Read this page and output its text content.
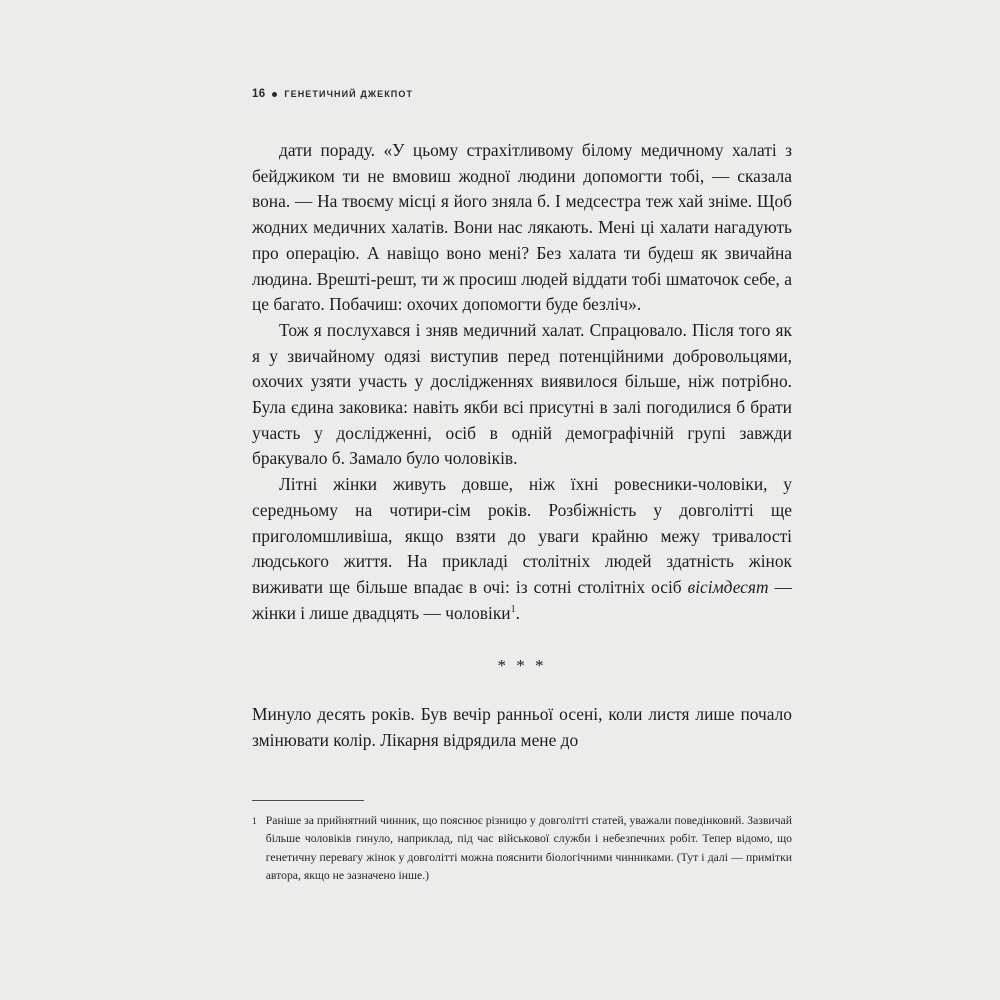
16 ГЕНЕТИЧНИЙ ДЖЕКПОТ

дати пораду. «У цьому страхітливому білому медичному халаті з бейджиком ти не вмовиш жодної людини допомогти тобі, — сказала вона. — На твоєму місці я його зняла б. І медсестра теж хай зніме. Щоб жодних медичних халатів. Вони нас лякають. Мені ці халати нагадують про операцію. А навіщо воно мені? Без халата ти будеш як звичайна людина. Врешті-решт, ти ж просиш людей віддати тобі шматочок себе, а це багато. Побачиш: охочих допомогти буде безліч».

Тож я послухався і зняв медичний халат. Спрацювало. Після того як я у звичайному одязі виступив перед потенційними добровольцями, охочих узяти участь у дослідженнях виявилося більше, ніж потрібно. Була єдина заковика: навіть якби всі присутні в залі погодилися б брати участь у дослідженні, осіб в одній демографічній групі завжди бракувало б. Замало було чоловіків.

Літні жінки живуть довше, ніж їхні ровесники-чоловіки, у середньому на чотири-сім років. Розбіжність у довголітті ще приголомшливіша, якщо взяти до уваги крайню межу тривалості людського життя. На прикладі столітніх людей здатність жінок виживати ще більше впадає в очі: із сотні столітніх осіб вісімдесят — жінки і лише двадцять — чоловіки$^1$.

* * *

Минуло десять років. Був вечір ранньої осені, коли листя лише почало змінювати колір. Лікарня відрядила мене до

1 Раніше за прийнятний чинник, що пояснює різницю у довголітті статей, уважали поведінковий. Зазвичай більше чоловіків гинуло, наприклад, під час військової служби і небезпечних робіт. Тепер відомо, що генетичну перевагу жінок у довголітті можна пояснити біологічними чинниками. (Тут і далі — примітки автора, якщо не зазначено інше.)
